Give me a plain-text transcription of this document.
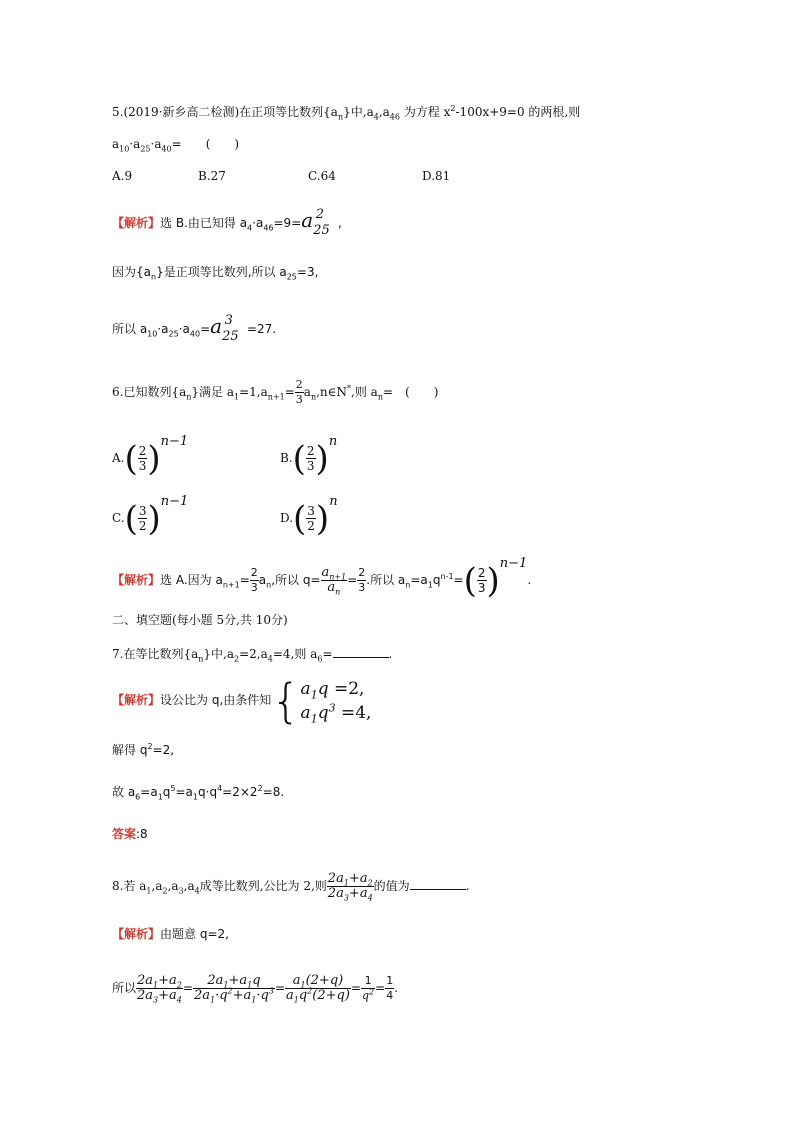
5.(2019·新乡高二检测)在正项等比数列$\{a_n\}$中$,a_4,a_{46}$ 为方程 $x^2-100x+9=0$ 的两根,则
$a_{10}\cdot a_{25}\cdot a_{40}=$　　(　　)
A.9	B.27	C.64	D.81
【解析】选 B.由已知得 $a_4\cdot a_{46}=9=a_{25}^2$,
因为$\{a_n\}$是正项等比数列,所以 $a_{25}=3$,
所以 $a_{10}\cdot a_{25}\cdot a_{40}=a_{25}^3=27$.
6.已知数列$\{a_n\}$满足 $a_1=1,a_{n+1}= \frac{2}{3}$ $a_n,n\in N^*$,则 $a_n=$　(　　)
$A.( \frac{2}{3} )^{n-1}$
$B.( \frac{2}{3} )^n$
$C.( \frac{3}{2} )^{n-1}$
$D.( \frac{3}{2} )^n$
【解析】选 A.因为 $a_{n+1}= \frac{2}{3} a_n$,所以 $q= \frac{a_{n+1}}{a_n} = \frac{2}{3}$ .所以 $a_n=a_1q^{n-1}=( \frac{2}{3} )^{n-1}$.
二、填空题(每小题 5分,共 10分)
7.在等比数列$\{a_n\}$中$,a_2=2,a_4=4$,则 $a_6=$	.
【解析】设公比为 q,由条件知{ $a_1q =2$,
$a_1q^3 =4$,
解得 $q^2=2$,
故 $a_6=a_1q^5=a_1q\cdot q^4=2\times 2^2=8$.
答案:8
8.若 $a_1,a_2,a_3,a_4$成等比数列,公比为 2,则 $\frac{2a_1+a_2}{2a_3+a_4}$ 的值为	.
【解析】由题意 q=2,
所以 $\frac{2a_1+a_2}{2a_3+a_4} = \frac{2a_1+a_1q}{2a_1\cdot q^2+a_1\cdot q^3} = \frac{a_1(2+q)}{a_1q^2(2+q)} = \frac{1}{q^2} = \frac{1}{4}$ .
